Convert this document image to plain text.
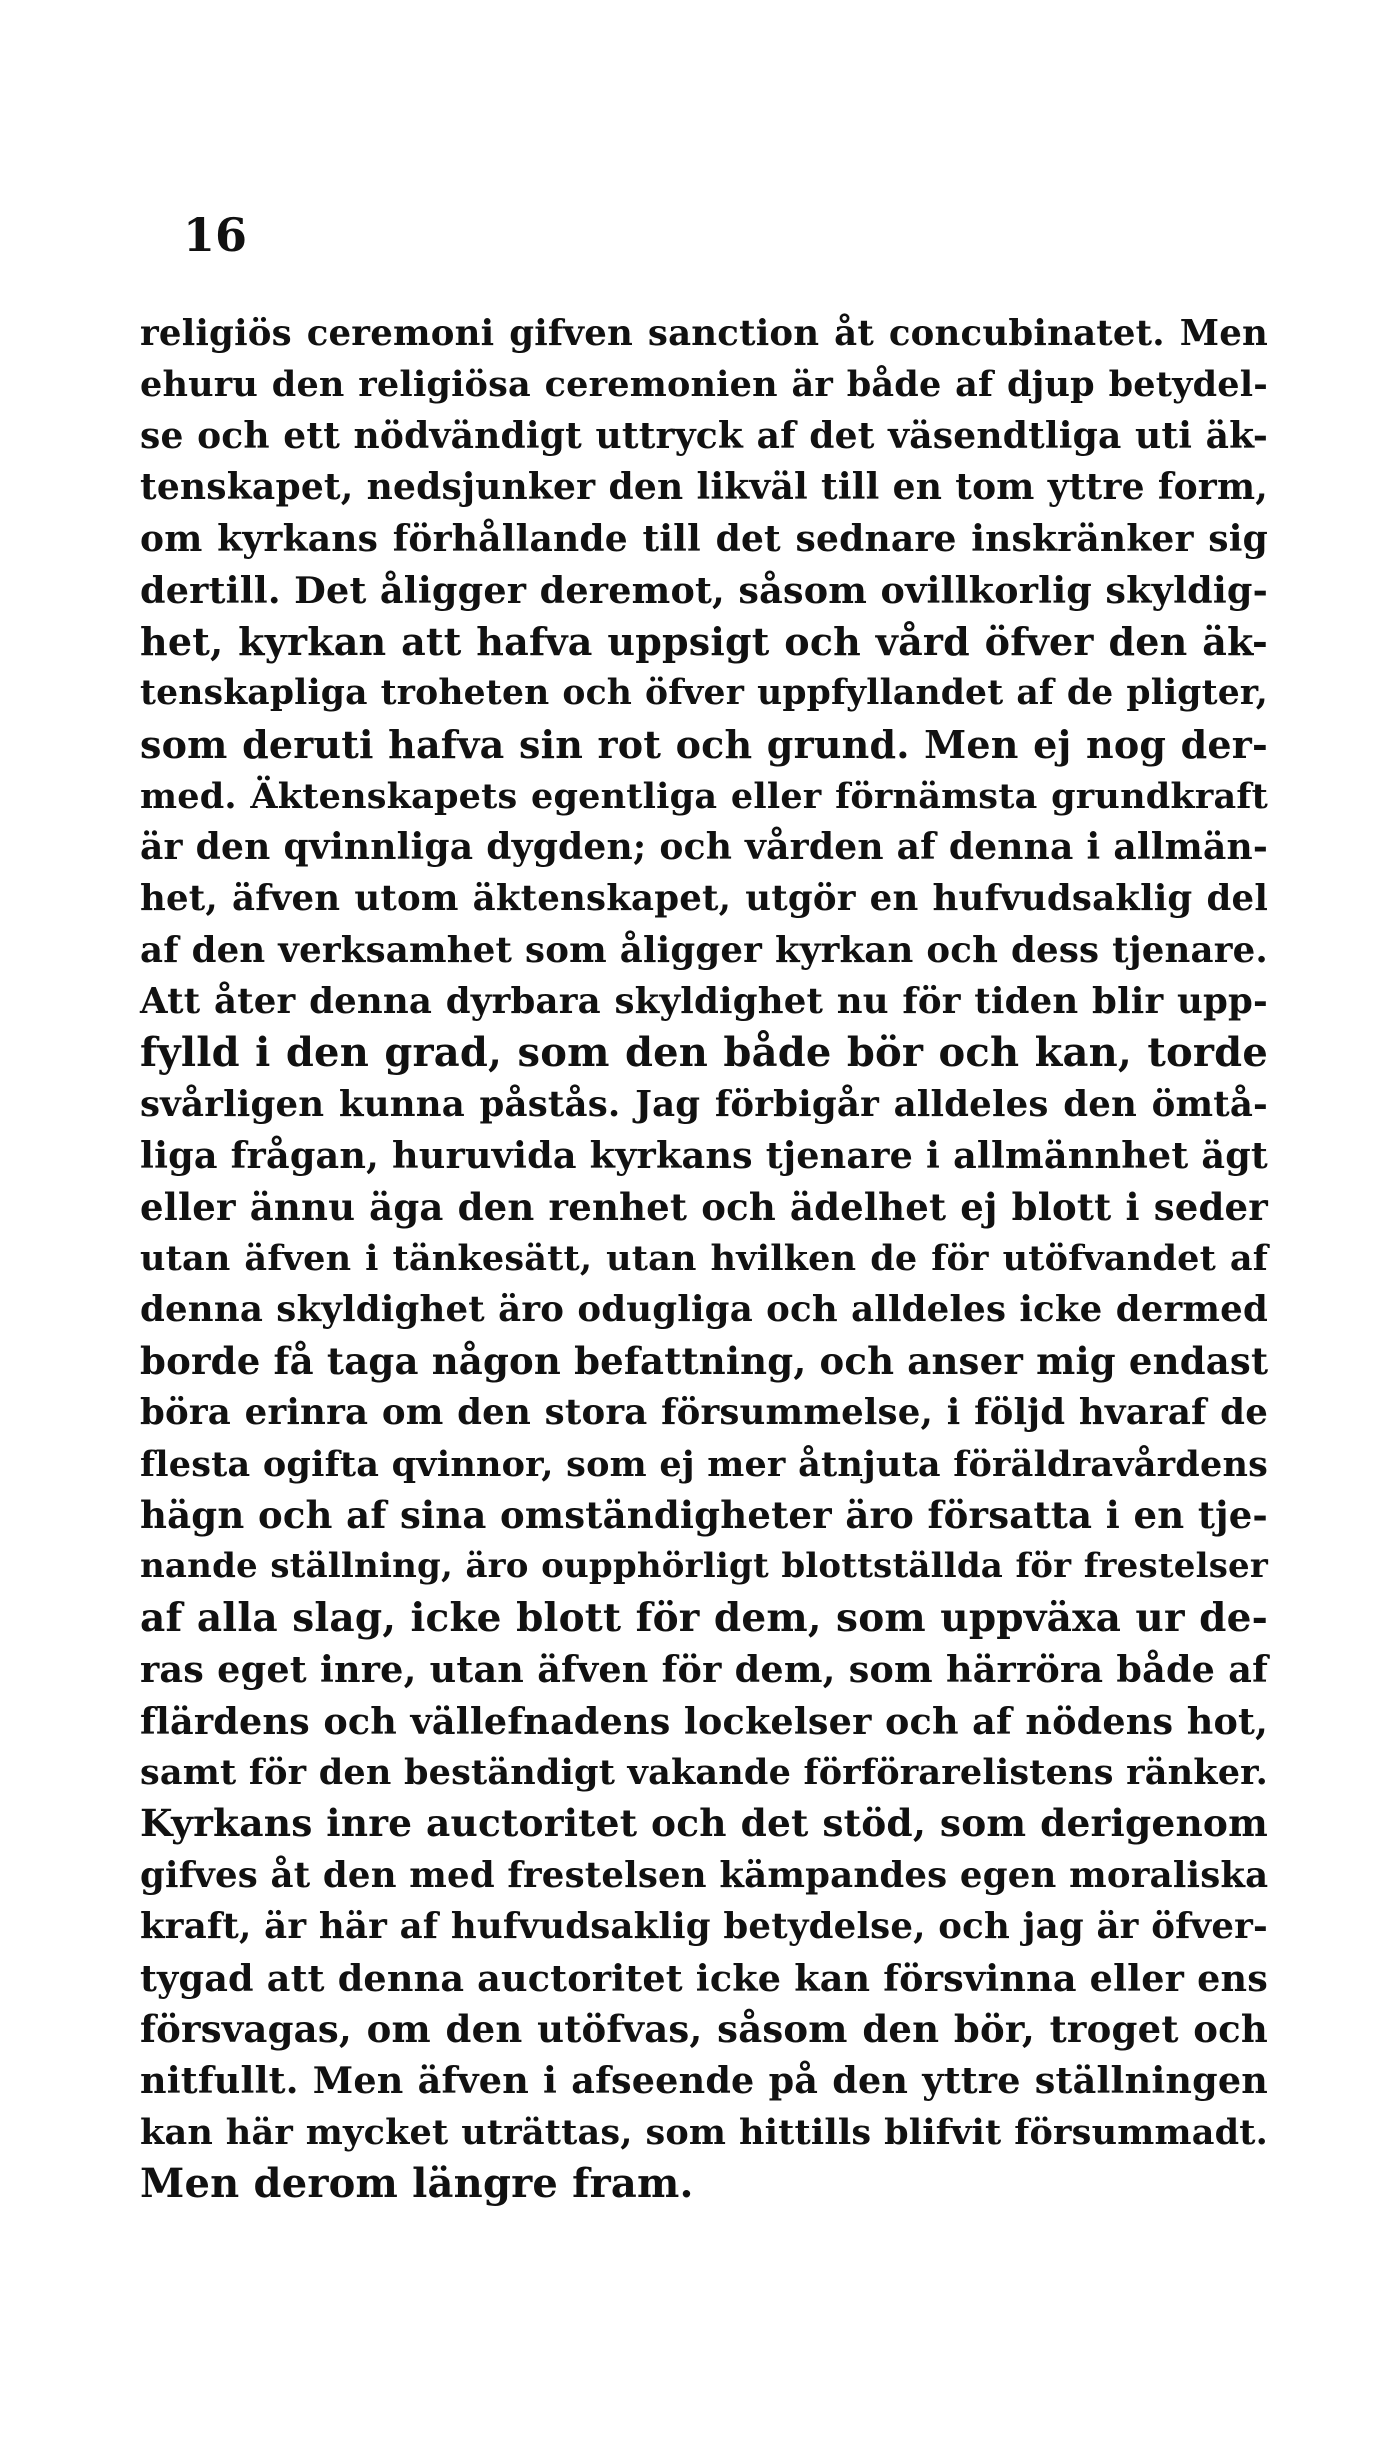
16
religiös ceremoni gifven sanction åt concubinatet. Men
ehuru den religiösa ceremonien är både af djup betydel-
se och ett nödvändigt uttryck af det väsendtliga uti äk-
tenskapet, nedsjunker den likväl till en tom yttre form,
om kyrkans förhållande till det sednare inskränker sig
dertill. Det åligger deremot, såsom ovillkorlig skyldig-
het, kyrkan att hafva uppsigt och vård öfver den äk-
tenskapliga troheten och öfver uppfyllandet af de pligter,
som deruti hafva sin rot och grund. Men ej nog der-
med. Äktenskapets egentliga eller förnämsta grundkraft
är den qvinnliga dygden; och vården af denna i allmän-
het, äfven utom äktenskapet, utgör en hufvudsaklig del
af den verksamhet som åligger kyrkan och dess tjenare.
Att åter denna dyrbara skyldighet nu för tiden blir upp-
fylld i den grad, som den både bör och kan, torde
svårligen kunna påstås. Jag förbigår alldeles den ömtå-
liga frågan, huruvida kyrkans tjenare i allmännhet ägt
eller ännu äga den renhet och ädelhet ej blott i seder
utan äfven i tänkesätt, utan hvilken de för utöfvandet af
denna skyldighet äro odugliga och alldeles icke dermed
borde få taga någon befattning, och anser mig endast
böra erinra om den stora försummelse, i följd hvaraf de
flesta ogifta qvinnor, som ej mer åtnjuta föräldravårdens
hägn och af sina omständigheter äro försatta i en tje-
nande ställning, äro oupphörligt blottställda för frestelser
af alla slag, icke blott för dem, som uppväxa ur de-
ras eget inre, utan äfven för dem, som härröra både af
flärdens och vällefnadens lockelser och af nödens hot,
samt för den beständigt vakande förförarelistens ränker.
Kyrkans inre auctoritet och det stöd, som derigenom
gifves åt den med frestelsen kämpandes egen moraliska
kraft, är här af hufvudsaklig betydelse, och jag är öfver-
tygad att denna auctoritet icke kan försvinna eller ens
försvagas, om den utöfvas, såsom den bör, troget och
nitfullt. Men äfven i afseende på den yttre ställningen
kan här mycket uträttas, som hittills blifvit försummadt.
Men derom längre fram.
